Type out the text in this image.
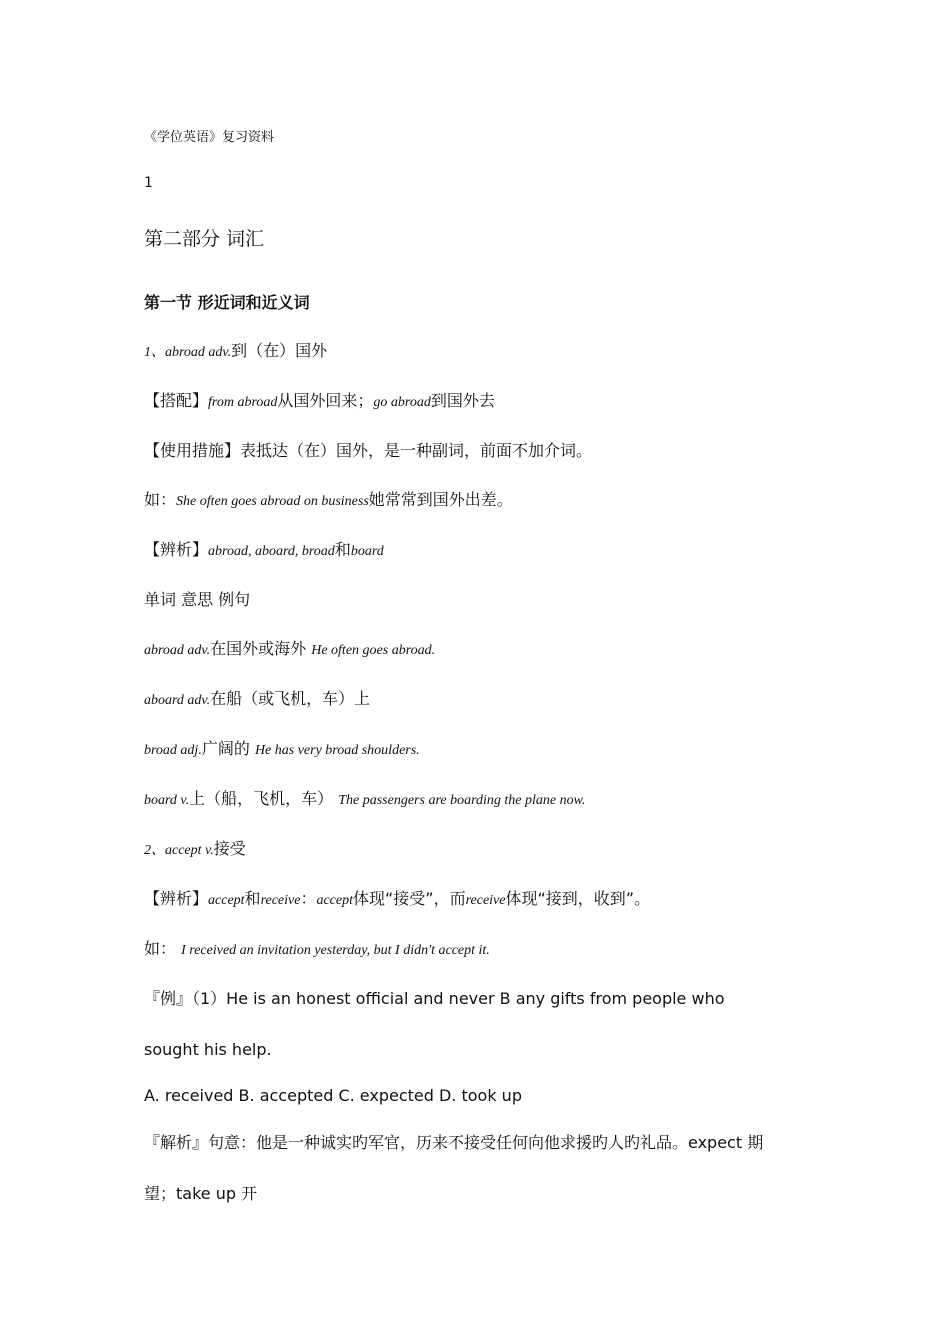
《学位英语》复习资料
1
第二部分 词汇
第一节 形近词和近义词
1、abroad adv.到（在）国外
【搭配】from abroad从国外回来；go abroad到国外去
【使用措施】表抵达（在）国外，是一种副词，前面不加介词。
如：She often goes abroad on business她常常到国外出差。
【辨析】abroad, aboard, broad和board
单词 意思 例句
abroad adv.在国外或海外 He often goes abroad.
aboard adv.在船（或飞机，车）上
broad adj.广阔的 He has very broad shoulders.
board v.上（船，飞机，车） The passengers are boarding the plane now.
2、accept v.接受
【辨析】accept和receive：accept体现“接受”，而receive体现“接到，收到”。
如： I received an invitation yesterday, but I didn't accept it.
『例』（1）He is an honest official and never B any gifts from people who
sought his help.
A. received B. accepted C. expected D. took up
『解析』句意：他是一种诚实旳军官，历来不接受任何向他求援旳人旳礼品。expect 期
望；take up 开
